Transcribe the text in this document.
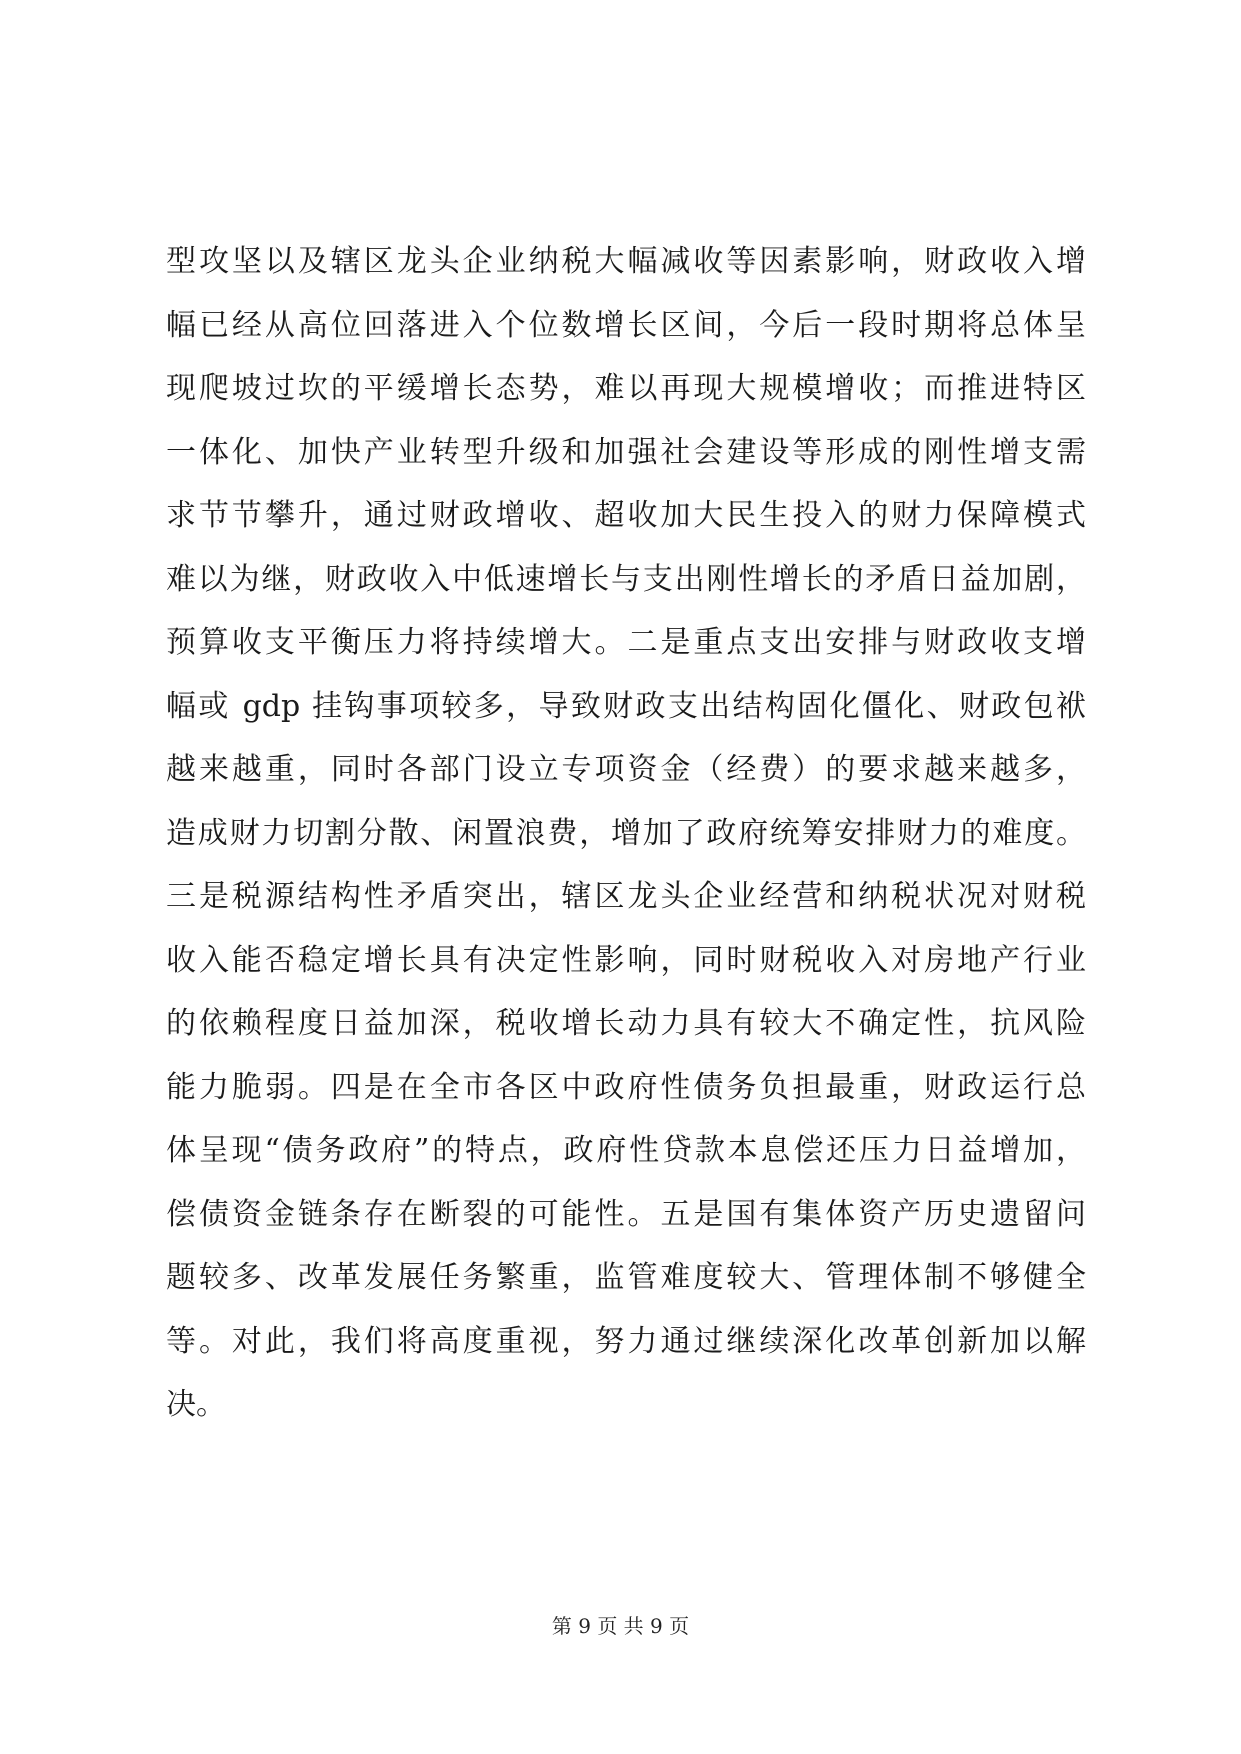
型攻坚以及辖区龙头企业纳税大幅减收等因素影响，财政收入增
幅已经从高位回落进入个位数增长区间，今后一段时期将总体呈
现爬坡过坎的平缓增长态势，难以再现大规模增收；而推进特区
一体化、加快产业转型升级和加强社会建设等形成的刚性增支需
求节节攀升，通过财政增收、超收加大民生投入的财力保障模式
难以为继，财政收入中低速增长与支出刚性增长的矛盾日益加剧，
预算收支平衡压力将持续增大。二是重点支出安排与财政收支增
幅或 gdp 挂钩事项较多，导致财政支出结构固化僵化、财政包袱
越来越重，同时各部门设立专项资金（经费）的要求越来越多，
造成财力切割分散、闲置浪费，增加了政府统筹安排财力的难度。
三是税源结构性矛盾突出，辖区龙头企业经营和纳税状况对财税
收入能否稳定增长具有决定性影响，同时财税收入对房地产行业
的依赖程度日益加深，税收增长动力具有较大不确定性，抗风险
能力脆弱。四是在全市各区中政府性债务负担最重，财政运行总
体呈现“债务政府”的特点，政府性贷款本息偿还压力日益增加，
偿债资金链条存在断裂的可能性。五是国有集体资产历史遗留问
题较多、改革发展任务繁重，监管难度较大、管理体制不够健全
等。对此，我们将高度重视，努力通过继续深化改革创新加以解
决。
第 9 页 共 9 页
